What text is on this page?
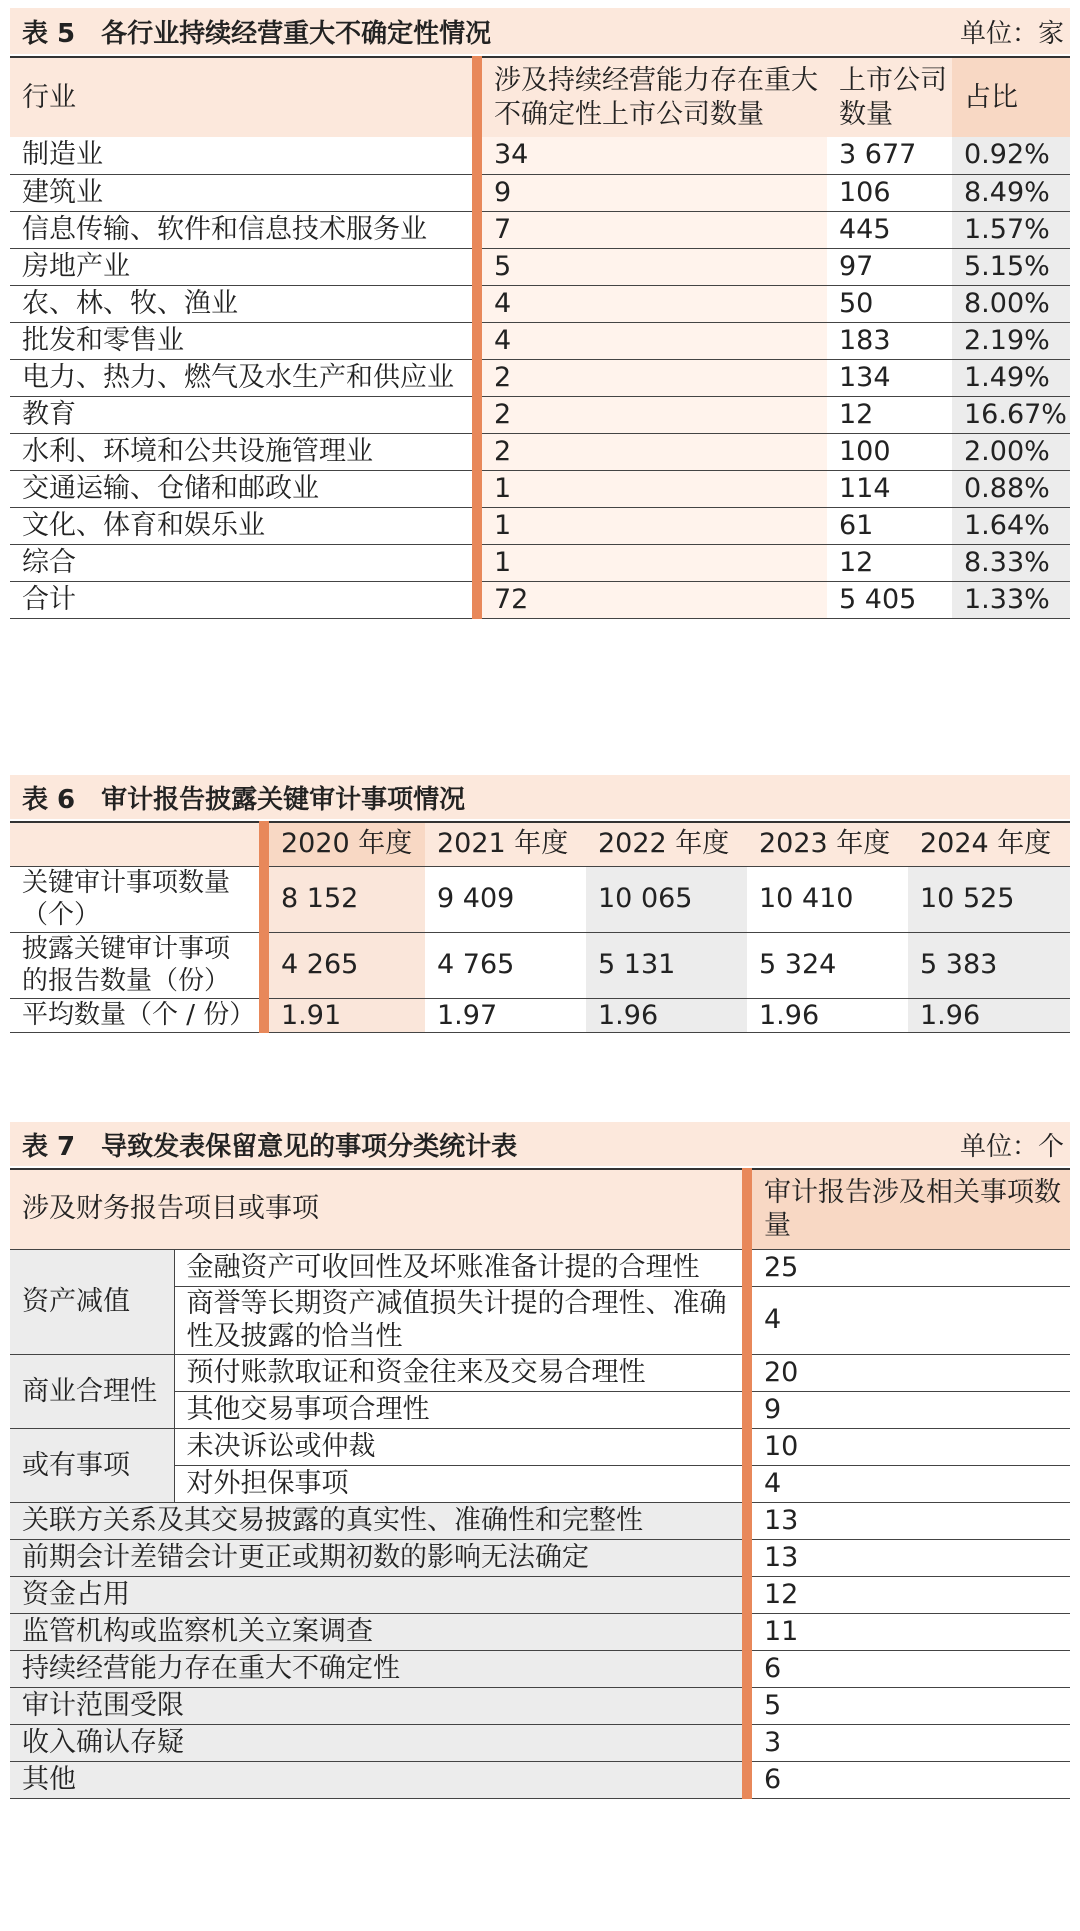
表 5　各行业持续经营重大不确定性情况	单位：家
行业	涉及持续经营能力存在重大不确定性上市公司数量	上市公司数量	占比
制造业	34	3 677	0.92%
建筑业	9	106	8.49%
信息传输、软件和信息技术服务业	7	445	1.57%
房地产业	5	97	5.15%
农、林、牧、渔业	4	50	8.00%
批发和零售业	4	183	2.19%
电力、热力、燃气及水生产和供应业	2	134	1.49%
教育	2	12	16.67%
水利、环境和公共设施管理业	2	100	2.00%
交通运输、仓储和邮政业	1	114	0.88%
文化、体育和娱乐业	1	61	1.64%
综合	1	12	8.33%
合计	72	5 405	1.33%
表 6　审计报告披露关键审计事项情况
	2020 年度	2021 年度	2022 年度	2023 年度	2024 年度
关键审计事项数量（个）	8 152	9 409	10 065	10 410	10 525
披露关键审计事项的报告数量（份）	4 265	4 765	5 131	5 324	5 383
平均数量（个 / 份）	1.91	1.97	1.96	1.96	1.96
表 7　导致发表保留意见的事项分类统计表	单位：个
涉及财务报告项目或事项		审计报告涉及相关事项数量
资产减值	金融资产可收回性及坏账准备计提的合理性	25
	商誉等长期资产减值损失计提的合理性、准确性及披露的恰当性	4
商业合理性	预付账款取证和资金往来及交易合理性	20
	其他交易事项合理性	9
或有事项	未决诉讼或仲裁	10
	对外担保事项	4
关联方关系及其交易披露的真实性、准确性和完整性		13
前期会计差错会计更正或期初数的影响无法确定		13
资金占用		12
监管机构或监察机关立案调查		11
持续经营能力存在重大不确定性		6
审计范围受限		5
收入确认存疑		3
其他		6
